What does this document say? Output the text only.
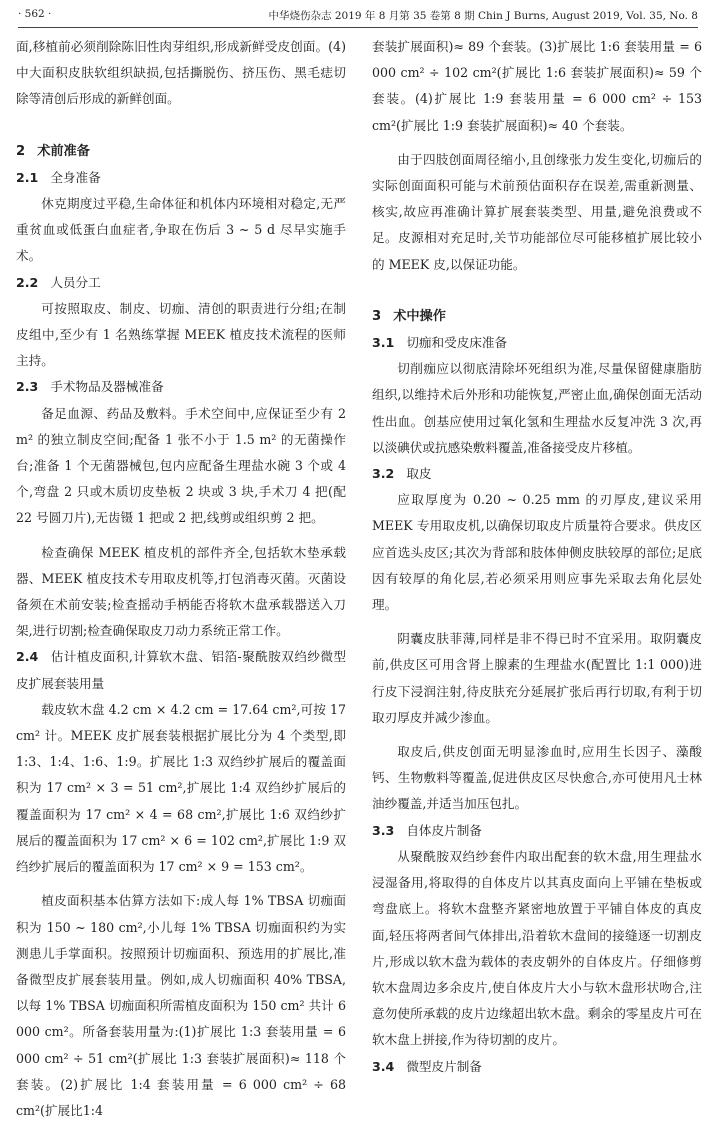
· 562 ·	中华烧伤杂志 2019 年 8 月第 35 卷第 8 期 Chin J Burns, August 2019, Vol. 35, No. 8

面,移植前必须削除陈旧性肉芽组织,形成新鲜受皮创面。(4)中大面积皮肤软组织缺损,包括撕脱伤、挤压伤、黑毛痣切除等清创后形成的新鲜创面。

2 术前准备
2.1 全身准备

休克期度过平稳,生命体征和机体内环境相对稳定,无严重贫血或低蛋白血症者,争取在伤后 3 ~ 5 d 尽早实施手术。

2.2 人员分工

可按照取皮、制皮、切痂、清创的职责进行分组;在制皮组中,至少有 1 名熟练掌握 MEEK 植皮技术流程的医师主持。

2.3 手术物品及器械准备

备足血源、药品及敷料。手术空间中,应保证至少有 2 m² 的独立制皮空间;配备 1 张不小于 1.5 m² 的无菌操作台;准备 1 个无菌器械包,包内应配备生理盐水碗 3 个或 4 个,弯盘 2 只或木质切皮垫板 2 块或 3 块,手术刀 4 把(配 22 号圆刀片),无齿镊 1 把或 2 把,线剪或组织剪 2 把。

检查确保 MEEK 植皮机的部件齐全,包括软木垫承载器、MEEK 植皮技术专用取皮机等,打包消毒灭菌。灭菌设备须在术前安装;检查摇动手柄能否将软木盘承载器送入刀架,进行切割;检查确保取皮刀动力系统正常工作。

2.4 估计植皮面积,计算软木盘、铝箔-聚酰胺双绉纱微型皮扩展套装用量

载皮软木盘 4.2 cm × 4.2 cm = 17.64 cm²,可按 17 cm² 计。MEEK 皮扩展套装根据扩展比分为 4 个类型,即 1:3、1:4、1:6、1:9。扩展比 1:3 双绉纱扩展后的覆盖面积为 17 cm² × 3 = 51 cm²,扩展比 1:4 双绉纱扩展后的覆盖面积为 17 cm² × 4 = 68 cm²,扩展比 1:6 双绉纱扩展后的覆盖面积为 17 cm² × 6 = 102 cm²,扩展比 1:9 双绉纱扩展后的覆盖面积为 17 cm² × 9 = 153 cm²。

植皮面积基本估算方法如下:成人每 1% TBSA 切痂面积为 150 ~ 180 cm²,小儿每 1% TBSA 切痂面积约为实测患儿手掌面积。按照预计切痂面积、预选用的扩展比,准备微型皮扩展套装用量。例如,成人切痂面积 40% TBSA,以每 1% TBSA 切痂面积所需植皮面积为 150 cm² 共计 6 000 cm²。所备套装用量为:(1)扩展比 1:3 套装用量 = 6 000 cm² ÷ 51 cm²(扩展比 1:3 套装扩展面积)≈ 118 个套装。(2)扩展比 1:4 套装用量 = 6 000 cm² ÷ 68 cm²(扩展比1:4

套装扩展面积)≈ 89 个套装。(3)扩展比 1:6 套装用量 = 6 000 cm² ÷ 102 cm²(扩展比 1:6 套装扩展面积)≈ 59 个套装。(4)扩展比 1:9 套装用量 = 6 000 cm² ÷ 153 cm²(扩展比 1:9 套装扩展面积)≈ 40 个套装。

由于四肢创面周径缩小,且创缘张力发生变化,切痂后的实际创面面积可能与术前预估面积存在误差,需重新测量、核实,故应再准确计算扩展套装类型、用量,避免浪费或不足。皮源相对充足时,关节功能部位尽可能移植扩展比较小的 MEEK 皮,以保证功能。

3 术中操作
3.1 切痂和受皮床准备

切削痂应以彻底清除坏死组织为准,尽量保留健康脂肪组织,以维持术后外形和功能恢复,严密止血,确保创面无活动性出血。创基应使用过氧化氢和生理盐水反复冲洗 3 次,再以淡碘伏或抗感染敷料覆盖,准备接受皮片移植。

3.2 取皮

应取厚度为 0.20 ~ 0.25 mm 的刃厚皮,建议采用 MEEK 专用取皮机,以确保切取皮片质量符合要求。供皮区应首选头皮区;其次为背部和肢体伸侧皮肤较厚的部位;足底因有较厚的角化层,若必须采用则应事先采取去角化层处理。

阴囊皮肤菲薄,同样是非不得已时不宜采用。取阴囊皮前,供皮区可用含肾上腺素的生理盐水(配置比 1:1 000)进行皮下浸润注射,待皮肤充分延展扩张后再行切取,有利于切取刃厚皮并减少渗血。

取皮后,供皮创面无明显渗血时,应用生长因子、藻酸钙、生物敷料等覆盖,促进供皮区尽快愈合,亦可使用凡士林油纱覆盖,并适当加压包扎。

3.3 自体皮片制备

从聚酰胺双绉纱套件内取出配套的软木盘,用生理盐水浸湿备用,将取得的自体皮片以其真皮面向上平铺在垫板或弯盘底上。将软木盘整齐紧密地放置于平铺自体皮的真皮面,轻压将两者间气体排出,沿着软木盘间的接缝逐一切割皮片,形成以软木盘为载体的表皮朝外的自体皮片。仔细修剪软木盘周边多余皮片,使自体皮片大小与软木盘形状吻合,注意勿使所承载的皮片边缘超出软木盘。剩余的零星皮片可在软木盘上拼接,作为待切割的皮片。

3.4 微型皮片制备
